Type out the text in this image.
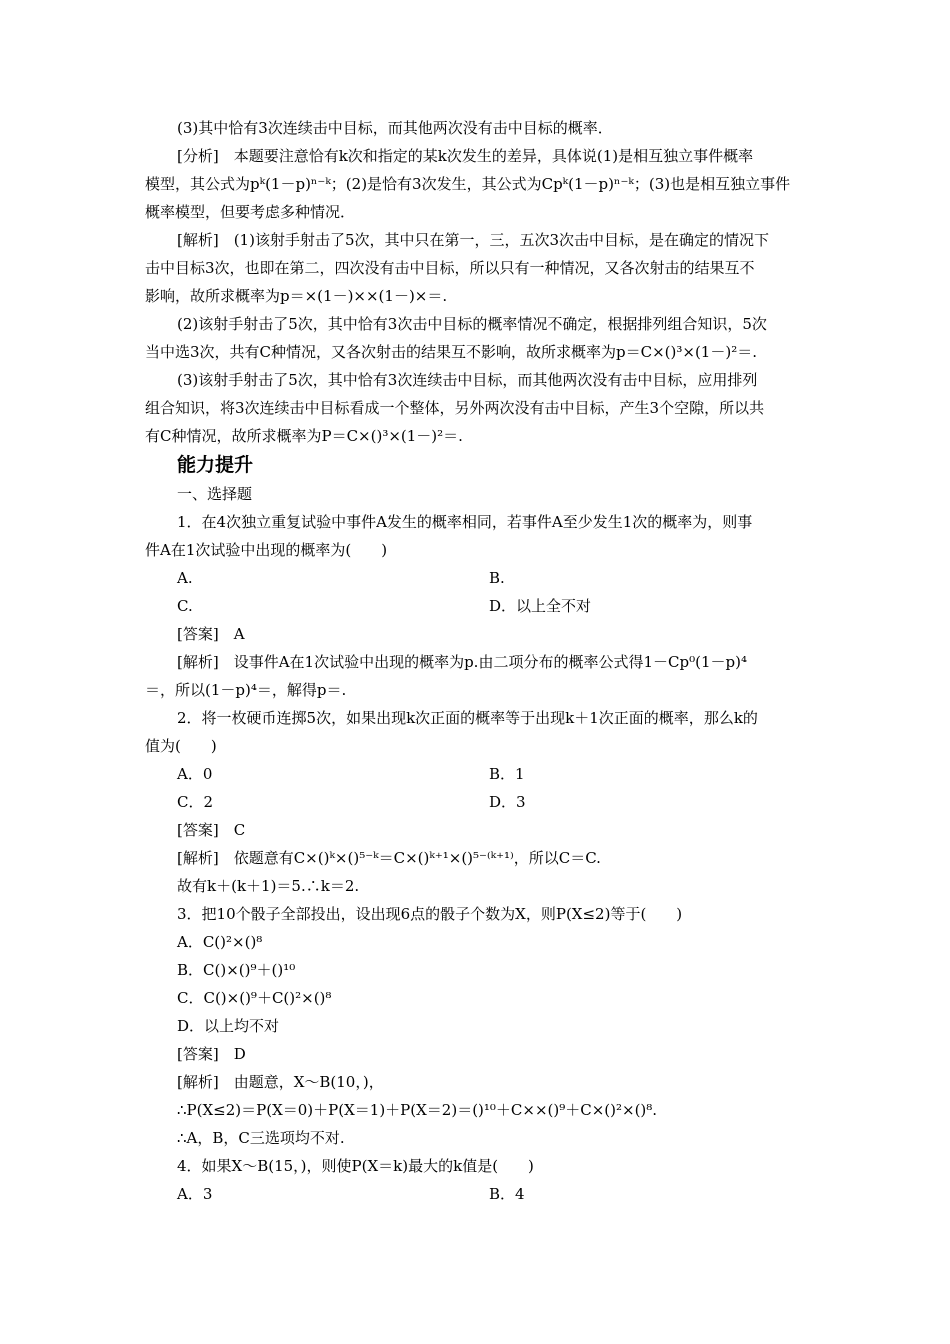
(3)其中恰有3次连续击中目标，而其他两次没有击中目标的概率．
[分析]　本题要注意恰有k次和指定的某k次发生的差异，具体说(1)是相互独立事件概率
模型，其公式为pᵏ(1－p)ⁿ⁻ᵏ；(2)是恰有3次发生，其公式为Cpᵏ(1－p)ⁿ⁻ᵏ；(3)也是相互独立事件
概率模型，但要考虑多种情况．
[解析]　(1)该射手射击了5次，其中只在第一，三，五次3次击中目标，是在确定的情况下
击中目标3次，也即在第二，四次没有击中目标，所以只有一种情况，又各次射击的结果互不
影响，故所求概率为p＝×(1－)××(1－)×＝.
(2)该射手射击了5次，其中恰有3次击中目标的概率情况不确定，根据排列组合知识，5次
当中选3次，共有C种情况，又各次射击的结果互不影响，故所求概率为p＝C×()³×(1－)²＝.
(3)该射手射击了5次，其中恰有3次连续击中目标，而其他两次没有击中目标，应用排列
组合知识，将3次连续击中目标看成一个整体，另外两次没有击中目标，产生3个空隙，所以共
有C种情况，故所求概率为P＝C×()³×(1－)²＝.
能力提升
一、选择题
1．在4次独立重复试验中事件A发生的概率相同，若事件A至少发生1次的概率为，则事
件A在1次试验中出现的概率为(　　)
A.	B.
C.	D．以上全不对
[答案]　A
[解析]　设事件A在1次试验中出现的概率为p.由二项分布的概率公式得1－Cp⁰(1－p)⁴
＝，所以(1－p)⁴＝，解得p＝.
2．将一枚硬币连掷5次，如果出现k次正面的概率等于出现k＋1次正面的概率，那么k的
值为(　　)
A．0	B．1
C．2	D．3
[答案]　C
[解析]　依题意有C×()ᵏ×()⁵⁻ᵏ＝C×()ᵏ⁺¹×()⁵⁻⁽ᵏ⁺¹⁾，所以C＝C.
故有k＋(k＋1)＝5.∴k＝2.
3．把10个骰子全部投出，设出现6点的骰子个数为X，则P(X≤2)等于(　　)
A．C()²×()⁸
B．C()×()⁹＋()¹⁰
C．C()×()⁹＋C()²×()⁸
D．以上均不对
[答案]　D
[解析]　由题意，X～B(10，)，
∴P(X≤2)＝P(X＝0)＋P(X＝1)＋P(X＝2)＝()¹⁰＋C××()⁹＋C×()²×()⁸.
∴A，B，C三选项均不对.
4．如果X～B(15，)，则使P(X＝k)最大的k值是(　　)
A．3	B．4
